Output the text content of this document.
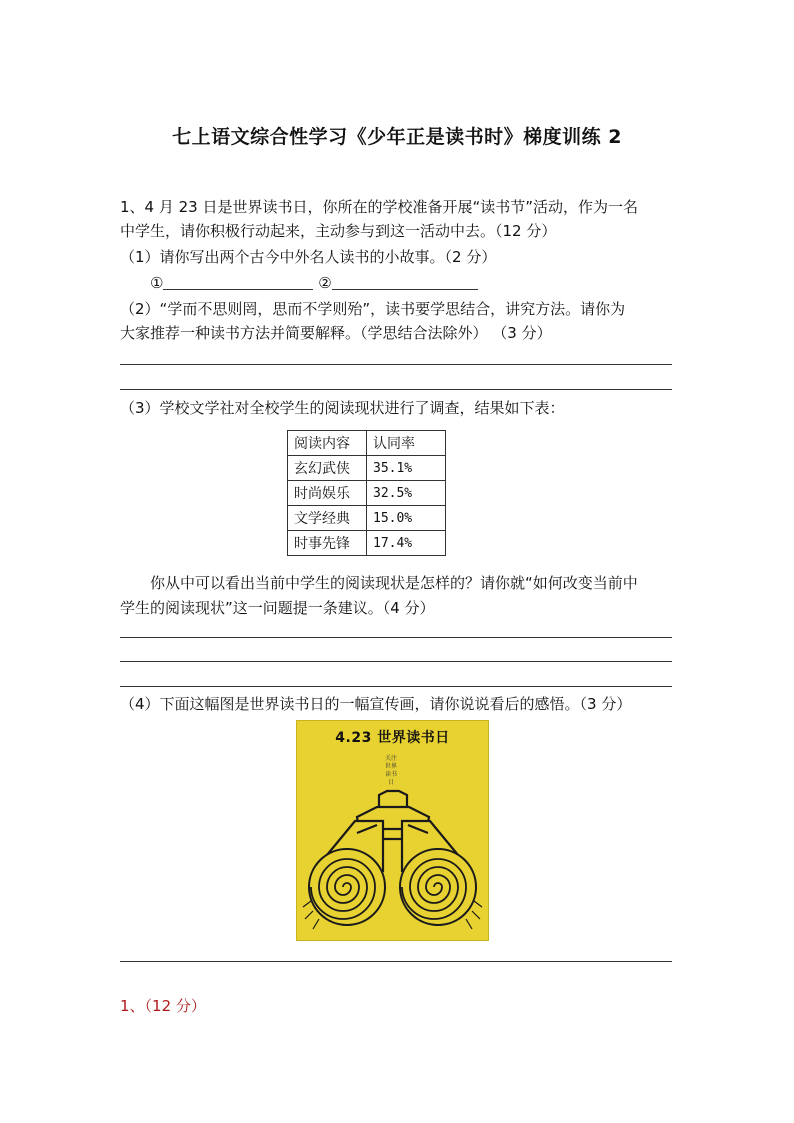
七上语文综合性学习《少年正是读书时》梯度训练 2
1、4 月 23 日是世界读书日，你所在的学校准备开展“读书节”活动，作为一名
中学生，请你积极行动起来，主动参与到这一活动中去。（12 分）
（1）请你写出两个古今中外名人读书的小故事。（2 分）
①	②
（2）“学而不思则罔，思而不学则殆”，读书要学思结合，讲究方法。请你为
大家推荐一种读书方法并简要解释。（学思结合法除外） （3 分）
（3）学校文学社对全校学生的阅读现状进行了调查，结果如下表：
阅读内容	认同率
玄幻武侠	35.1%
时尚娱乐	32.5%
文学经典	15.0%
时事先锋	17.4%
你从中可以看出当前中学生的阅读现状是怎样的？请你就“如何改变当前中
学生的阅读现状”这一问题提一条建议。（4 分）
（4）下面这幅图是世界读书日的一幅宣传画，请你说说看后的感悟。（3 分）
4.23 世界读书日
关注世界读书日
1、（12 分）
